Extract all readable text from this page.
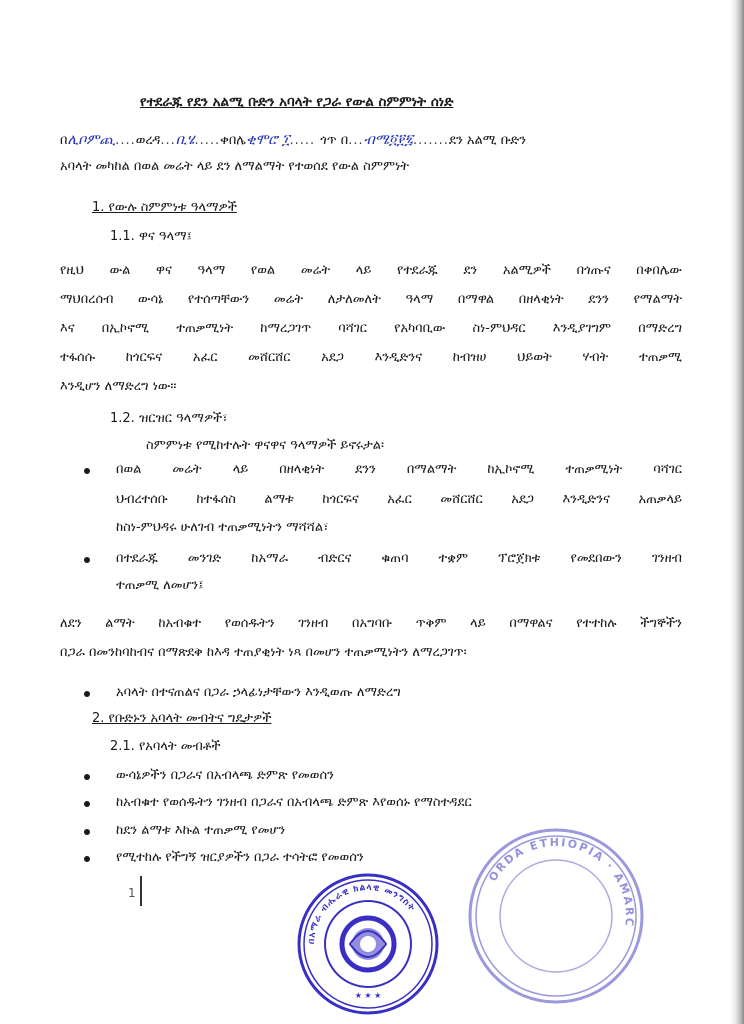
የተደራጁ የደን አልሚ ቡድን አባላት የጋራ የውል ስምምነት ሰነድ
በሊቦምጪ....ወረዳ...ቢሄ.....ቀበሌቂሞሮ ፲..... ጎጥ በ...ብሜ፬፻፯.......ደን አልሚ ቡድን
አባላት መካከል በወል መሬት ላይ ደን ለማልማት የተወሰደ የውል ስምምነት
1. የውሉ ስምምነቱ ዓላማዎች
1.1. ዋና ዓላማ፤
የዚህ ውል ዋና ዓላማ የወል መሬት ላይ የተደራጁ ደን አልሚዎች በጎጡና በቀበሌው
ማህበረሰብ ውሳኔ የተሰጣቸውን መሬት ለታለመለት ዓላማ በማዋል በዘላቂነት ደንን የማልማት
እና በኢኮኖሚ ተጠቃሚነት ከማረጋገጥ ባሻገር የአካባቢው ስነ-ምህዳር እንዲያገግም በማድረግ
ተፋሰሱ ከጎርፍና አፈር መሸርሸር አደጋ እንዲድንና ከብዝሀ ህይወት ሃብት ተጠቃሚ
እንዲሆን ለማድረግ ነው፡፡
1.2. ዝርዝር ዓላማዎች፣
ስምምነቱ የሚከተሉት ዋናዋና ዓላማዎች ይኖሩታል፡
በወል መሬት ላይ በዘላቂነት ደንን በማልማት ከኢኮኖሚ ተጠቃሚነት ባሻገር
ህብረተሰቡ ከተፋሰስ ልማቱ ከጎርፍና አፈር መሸርሸር አደጋ እንዲድንና አጠቃላይ
ከስነ-ምህዳሩ ሁለገብ ተጠቃሚነትን ማሻሻል፣
በተደራጁ መንገድ ከአማራ ብድርና ቁጠባ ተቋም ፕሮጀክቱ የመደበውን ገንዘብ
ተጠቃሚ ለመሆን፤
ለደን ልማት ከአብቁተ የወሰዱትን ገንዘብ በአግባቡ ጥቅም ላይ በማዋልና የተተከሉ ችግኞችን
በጋራ በመንከባከብና በማጽደቅ ከእዳ ተጠያቂነት ነጻ በመሆን ተጠቃሚነትን ለማረጋገጥ፡
አባላት በተናጠልና በጋራ ኃላፊነታቸውን እንዲወጡ ለማድረግ
2. የቡድኑን አባላት መብትና ግዴታዎች
2.1. የአባላት መብቶች
ውሳኔዎችን በጋራና በአብላጫ ድምጽ የመወሰን
ከአብቁተ የወሰዱትን ገንዘብ በጋራና በአብላጫ ድምጽ እየወሰኑ የማስተዳደር
ከደን ልማቱ እኩል ተጠቃሚ የመሆን
የሚተከሉ የችግኝ ዝርያዎችን በጋራ ተሳትፎ የመወሰን
1
በአማራ ብሔራዊ ክልላዊ መንግስት
★ ★ ★
ORDA ETHIOPIA · AMARC
